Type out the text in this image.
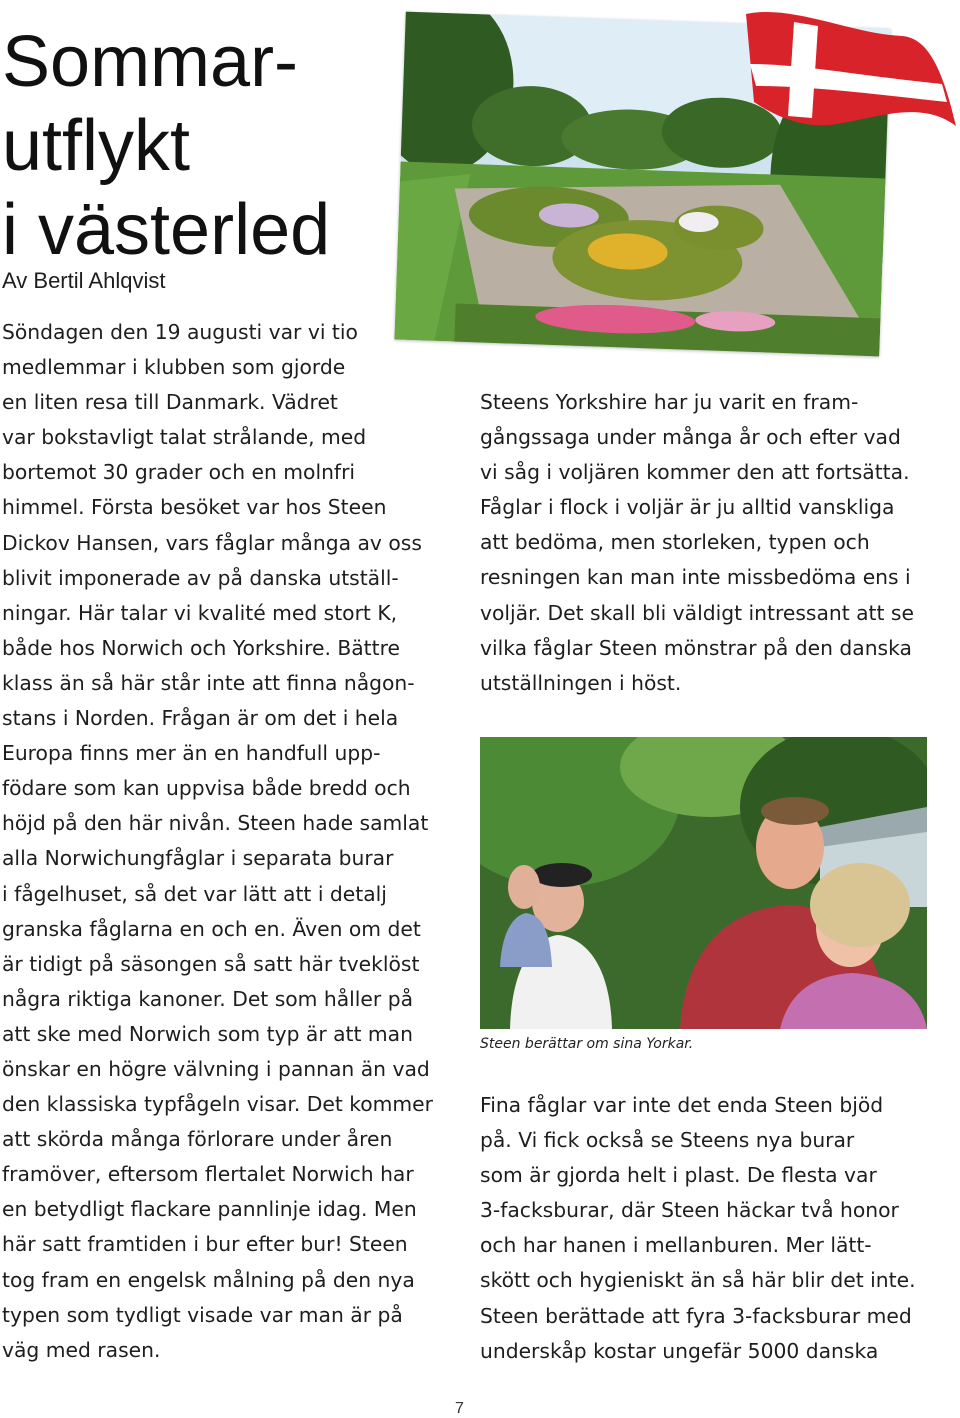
Sommar-
utflykt
i västerled
Av Bertil Ahlqvist
Söndagen den 19 augusti var vi tio
medlemmar i klubben som gjorde
en liten resa till Danmark. Vädret
var bokstavligt talat strålande, med
bortemot 30 grader och en molnfri
himmel. Första besöket var hos Steen
Dickov Hansen, vars fåglar många av oss
blivit imponerade av på danska utställ-
ningar. Här talar vi kvalité med stort K,
både hos Norwich och Yorkshire. Bättre
klass än så här står inte att finna någon-
stans i Norden. Frågan är om det i hela
Europa finns mer än en handfull upp-
födare som kan uppvisa både bredd och
höjd på den här nivån. Steen hade samlat
alla Norwichungfåglar i separata burar
i fågelhuset, så det var lätt att i detalj
granska fåglarna en och en. Även om det
är tidigt på säsongen så satt här tveklöst
några riktiga kanoner. Det som håller på
att ske med Norwich som typ är att man
önskar en högre välvning i pannan än vad
den klassiska typfågeln visar. Det kommer
att skörda många förlorare under åren
framöver, eftersom flertalet Norwich har
en betydligt flackare pannlinje idag. Men
här satt framtiden i bur efter bur! Steen
tog fram en engelsk målning på den nya
typen som tydligt visade var man är på
väg med rasen.
Steens Yorkshire har ju varit en fram-
gångssaga under många år och efter vad
vi såg i voljären kommer den att fortsätta.
Fåglar i flock i voljär är ju alltid vanskliga
att bedöma, men storleken, typen och
resningen kan man inte missbedöma ens i
voljär. Det skall bli väldigt intressant att se
vilka fåglar Steen mönstrar på den danska
utställningen i höst.
Steen berättar om sina Yorkar.
Fina fåglar var inte det enda Steen bjöd
på. Vi fick också se Steens nya burar
som är gjorda helt i plast. De flesta var
3-facksburar, där Steen häckar två honor
och har hanen i mellanburen. Mer lätt-
skött och hygieniskt än så här blir det inte.
Steen berättade att fyra 3-facksburar med
underskåp kostar ungefär 5000 danska
7
